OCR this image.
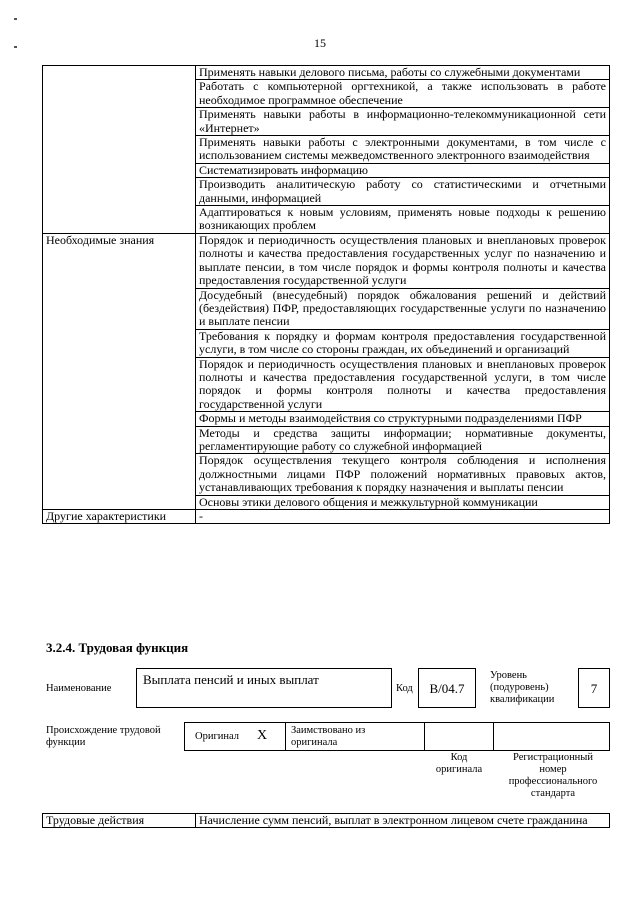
15
	Применять навыки делового письма, работы со служебными документами
	Работать с компьютерной оргтехникой, а также использовать в работе необходимое программное обеспечение
	Применять навыки работы в информационно-телекоммуникационной сети «Интернет»
	Применять навыки работы с электронными документами, в том числе с использованием системы межведомственного электронного взаимодействия
	Систематизировать информацию
	Производить аналитическую работу со статистическими и отчетными данными, информацией
	Адаптироваться к новым условиям, применять новые подходы к решению возникающих проблем
Необходимые знания	Порядок и периодичность осуществления плановых и внеплановых проверок полноты и качества предоставления государственных услуг по назначению и выплате пенсии, в том числе порядок и формы контроля полноты и качества предоставления государственной услуги
	Досудебный (внесудебный) порядок обжалования решений и действий (бездействия) ПФР, предоставляющих государственные услуги по назначению и выплате пенсии
	Требования к порядку и формам контроля предоставления государственной услуги, в том числе со стороны граждан, их объединений и организаций
	Порядок и периодичность осуществления плановых и внеплановых проверок полноты и качества предоставления государственной услуги, в том числе порядок и формы контроля полноты и качества предоставления государственной услуги
	Формы и методы взаимодействия со структурными подразделениями ПФР
	Методы и средства защиты информации; нормативные документы, регламентирующие работу со служебной информацией
	Порядок осуществления текущего контроля соблюдения и исполнения должностными лицами ПФР положений нормативных правовых актов, устанавливающих требования к порядку назначения и выплаты пенсии
	Основы этики делового общения и межкультурной коммуникации
Другие характеристики	-
3.2.4. Трудовая функция
Наименование
Выплата пенсий и иных выплат
Код	B/04.7
Уровень (подуровень) квалификации
7
Происхождение трудовой функции
Оригинал X Заимствовано из оригинала
Код оригинала
Регистрационный номер профессионального стандарта
Трудовые действия	Начисление сумм пенсий, выплат в электронном лицевом счете гражданина
